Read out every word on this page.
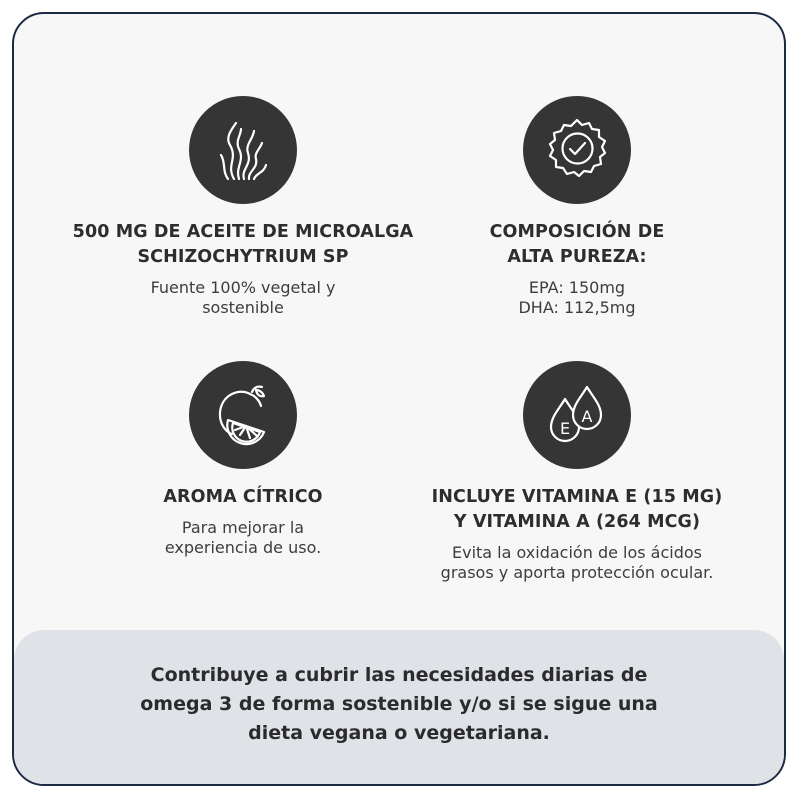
500 MG DE ACEITE DE MICROALGA
SCHIZOCHYTRIUM SP
Fuente 100% vegetal y
sostenible
COMPOSICIÓN DE
ALTA PUREZA:
EPA: 150mg
DHA: 112,5mg
AROMA CÍTRICO
Para mejorar la
experiencia de uso.
E
A
INCLUYE VITAMINA E (15 MG)
Y VITAMINA A (264 MCG)
Evita la oxidación de los ácidos
grasos y aporta protección ocular.
Contribuye a cubrir las necesidades diarias de
omega 3 de forma sostenible y/o si se sigue una
dieta vegana o vegetariana.
